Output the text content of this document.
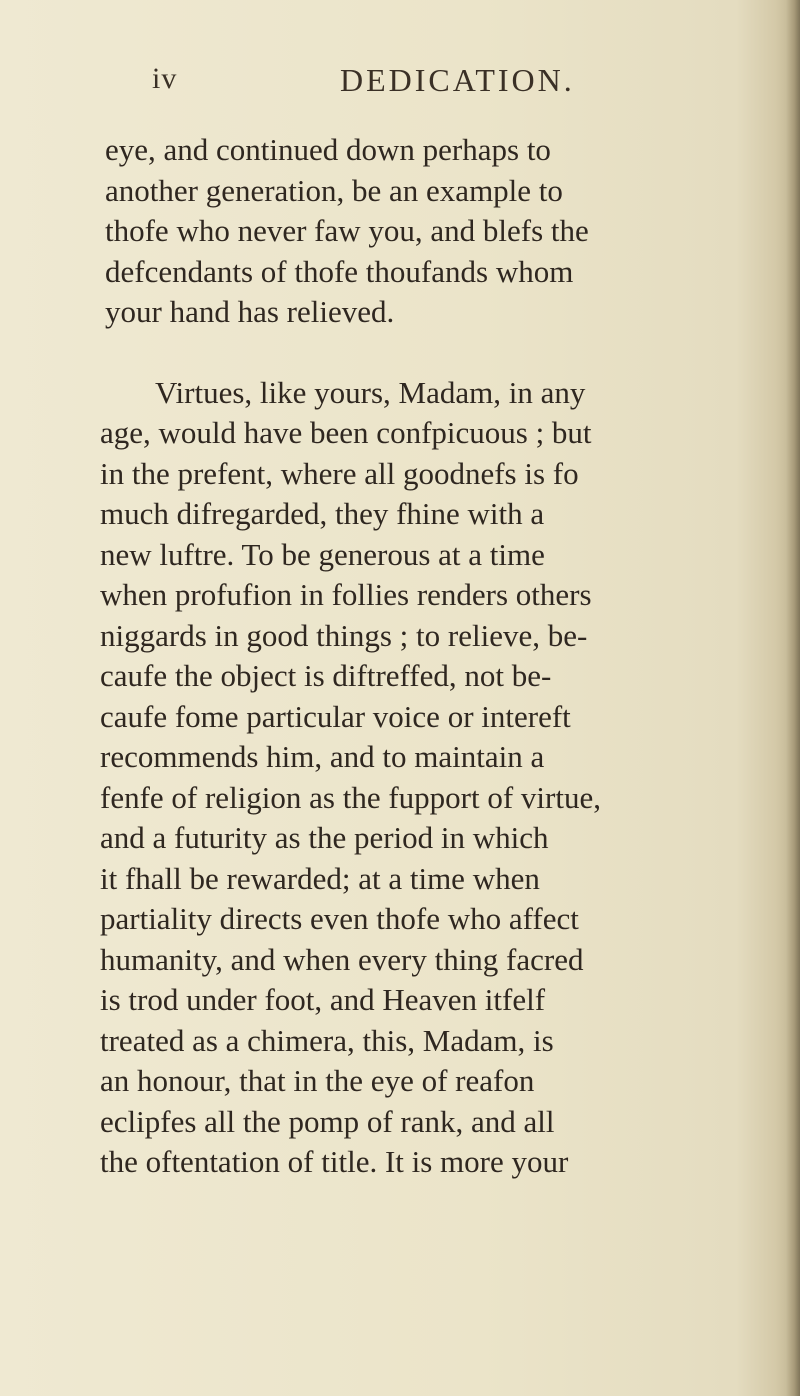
iv	DEDICATION.
eye, and continued down perhaps to
another generation, be an example to
thofe who never faw you, and blefs the
defcendants of thofe thoufands whom
your hand has relieved.
Virtues, like yours, Madam, in any
age, would have been confpicuous ; but
in the prefent, where all goodnefs is fo
much difregarded, they fhine with a
new luftre. To be generous at a time
when profufion in follies renders others
niggards in good things ; to relieve, be-
caufe the object is diftreffed, not be-
caufe fome particular voice or intereft
recommends him, and to maintain a
fenfe of religion as the fupport of virtue,
and a futurity as the period in which
it fhall be rewarded; at a time when
partiality directs even thofe who affect
humanity, and when every thing facred
is trod under foot, and Heaven itfelf
treated as a chimera, this, Madam, is
an honour, that in the eye of reafon
eclipfes all the pomp of rank, and all
the oftentation of title. It is more your
